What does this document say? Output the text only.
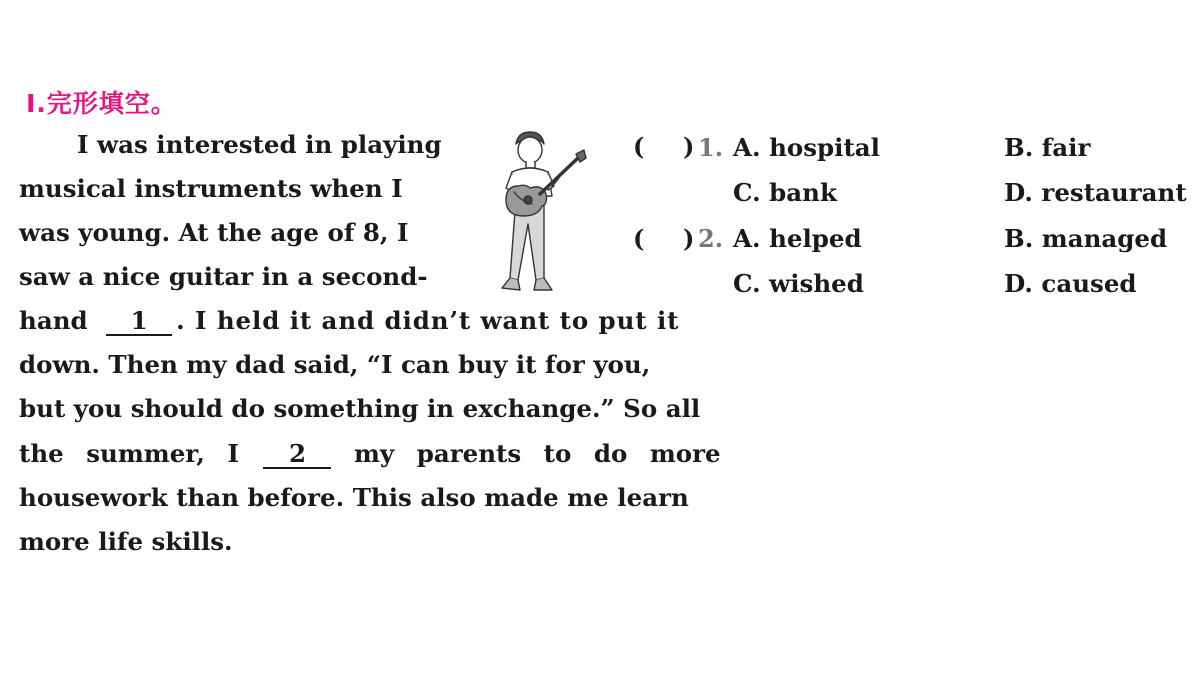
Ⅰ.完形填空。
I was interested in playing
musical instruments when I
was young. At the age of 8, I
saw a nice guitar in a second-
hand 1 . I held it and didn’t want to put it
down. Then my dad said, “I can buy it for you,
but you should do something in exchange.” So all
the summer, I 2 my parents to do more
housework than before. This also made me learn
more life skills.
( ) 1. A. hospital	B. fair
C. bank	D. restaurant
( ) 2. A. helped	B. managed
C. wished	D. caused
